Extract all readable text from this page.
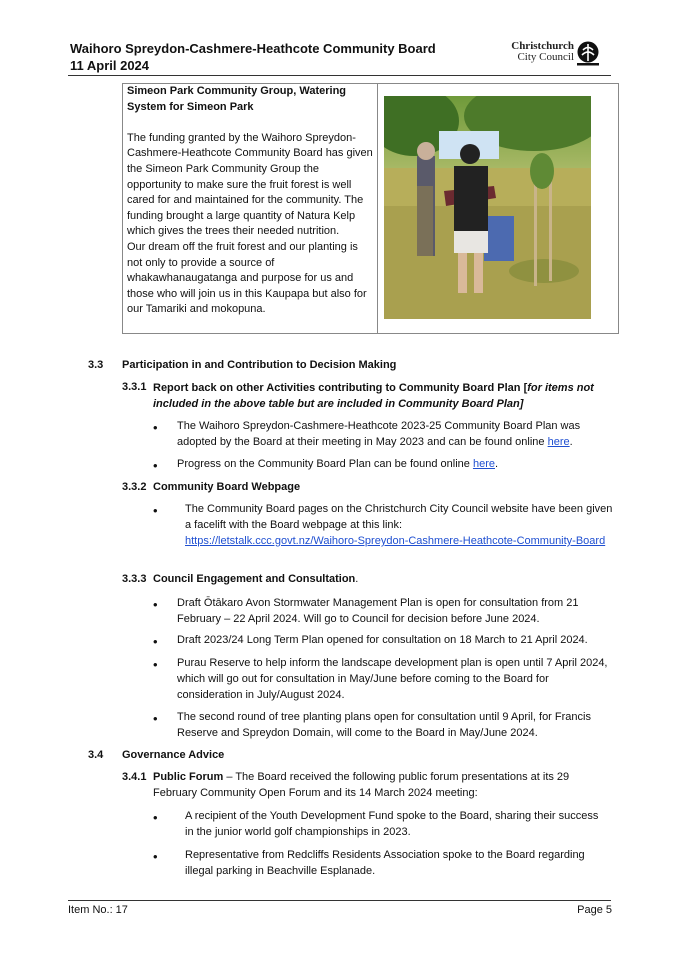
Waihoro Spreydon-Cashmere-Heathcote Community Board
11 April 2024
Christchurch
City Council
Simeon Park Community Group, Watering System for Simeon Park
The funding granted by the Waihoro Spreydon-Cashmere-Heathcote Community Board has given the Simeon Park Community Group the opportunity to make sure the fruit forest is well cared for and maintained for the community. The funding brought a large quantity of Natura Kelp which gives the trees their needed nutrition.
Our dream off the fruit forest and our planting is not only to provide a source of whakawhanaugatanga and purpose for us and those who will join us in this Kaupapa but also for our Tamariki and mokopuna.
3.3 Participation in and Contribution to Decision Making
3.3.1 Report back on other Activities contributing to Community Board Plan [for items not included in the above table but are included in Community Board Plan]
• The Waihoro Spreydon-Cashmere-Heathcote 2023-25 Community Board Plan was adopted by the Board at their meeting in May 2023 and can be found online here.
• Progress on the Community Board Plan can be found online here.
3.3.2 Community Board Webpage
• The Community Board pages on the Christchurch City Council website have been given a facelift with the Board webpage at this link:
https://letstalk.ccc.govt.nz/Waihoro-Spreydon-Cashmere-Heathcote-Community-Board
3.3.3 Council Engagement and Consultation.
• Draft Ōtākaro Avon Stormwater Management Plan is open for consultation from 21 February – 22 April 2024. Will go to Council for decision before June 2024.
• Draft 2023/24 Long Term Plan opened for consultation on 18 March to 21 April 2024.
• Purau Reserve to help inform the landscape development plan is open until 7 April 2024, which will go out for consultation in May/June before coming to the Board for consideration in July/August 2024.
• The second round of tree planting plans open for consultation until 9 April, for Francis Reserve and Spreydon Domain, will come to the Board in May/June 2024.
3.4 Governance Advice
3.4.1 Public Forum – The Board received the following public forum presentations at its 29 February Community Open Forum and its 14 March 2024 meeting:
• A recipient of the Youth Development Fund spoke to the Board, sharing their success in the junior world golf championships in 2023.
• Representative from Redcliffs Residents Association spoke to the Board regarding illegal parking in Beachville Esplanade.
Item No.: 17	Page 5
